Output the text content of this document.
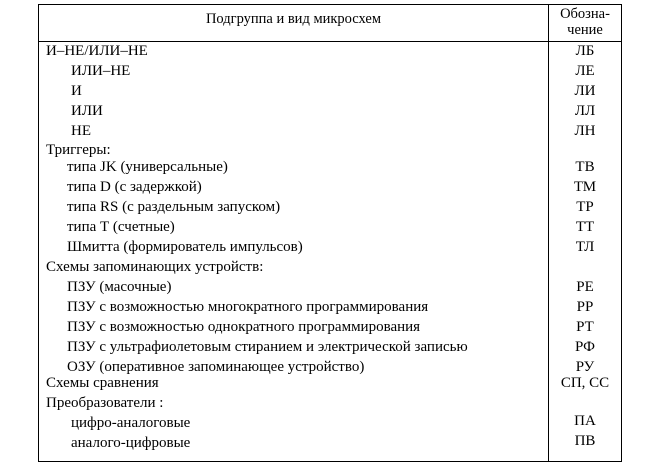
Подгруппа и вид микросхем	Обозна-
чение
И–НЕ/ИЛИ–НЕ
ИЛИ–НЕ
И
ИЛИ
НЕ
Триггеры:
типа JK (универсальные)
типа D (с задержкой)
типа RS (с раздельным запуском)
типа Т (счетные)
Шмитта (формирователь импульсов)
Схемы запоминающих устройств:
ПЗУ (масочные)
ПЗУ с возможностью многократного программирования
ПЗУ с возможностью однократного программирования
ПЗУ с ультрафиолетовым стиранием и электрической записью
ОЗУ (оперативное запоминающее устройство)
Схемы сравнения
Преобразователи :
цифро-аналоговые
аналого-цифровые
ЛБ
ЛЕ
ЛИ
ЛЛ
ЛН
ТВ
ТМ
ТР
ТТ
ТЛ
РЕ
РР
РТ
РФ
РУ
СП, СС
ПА
ПВ
